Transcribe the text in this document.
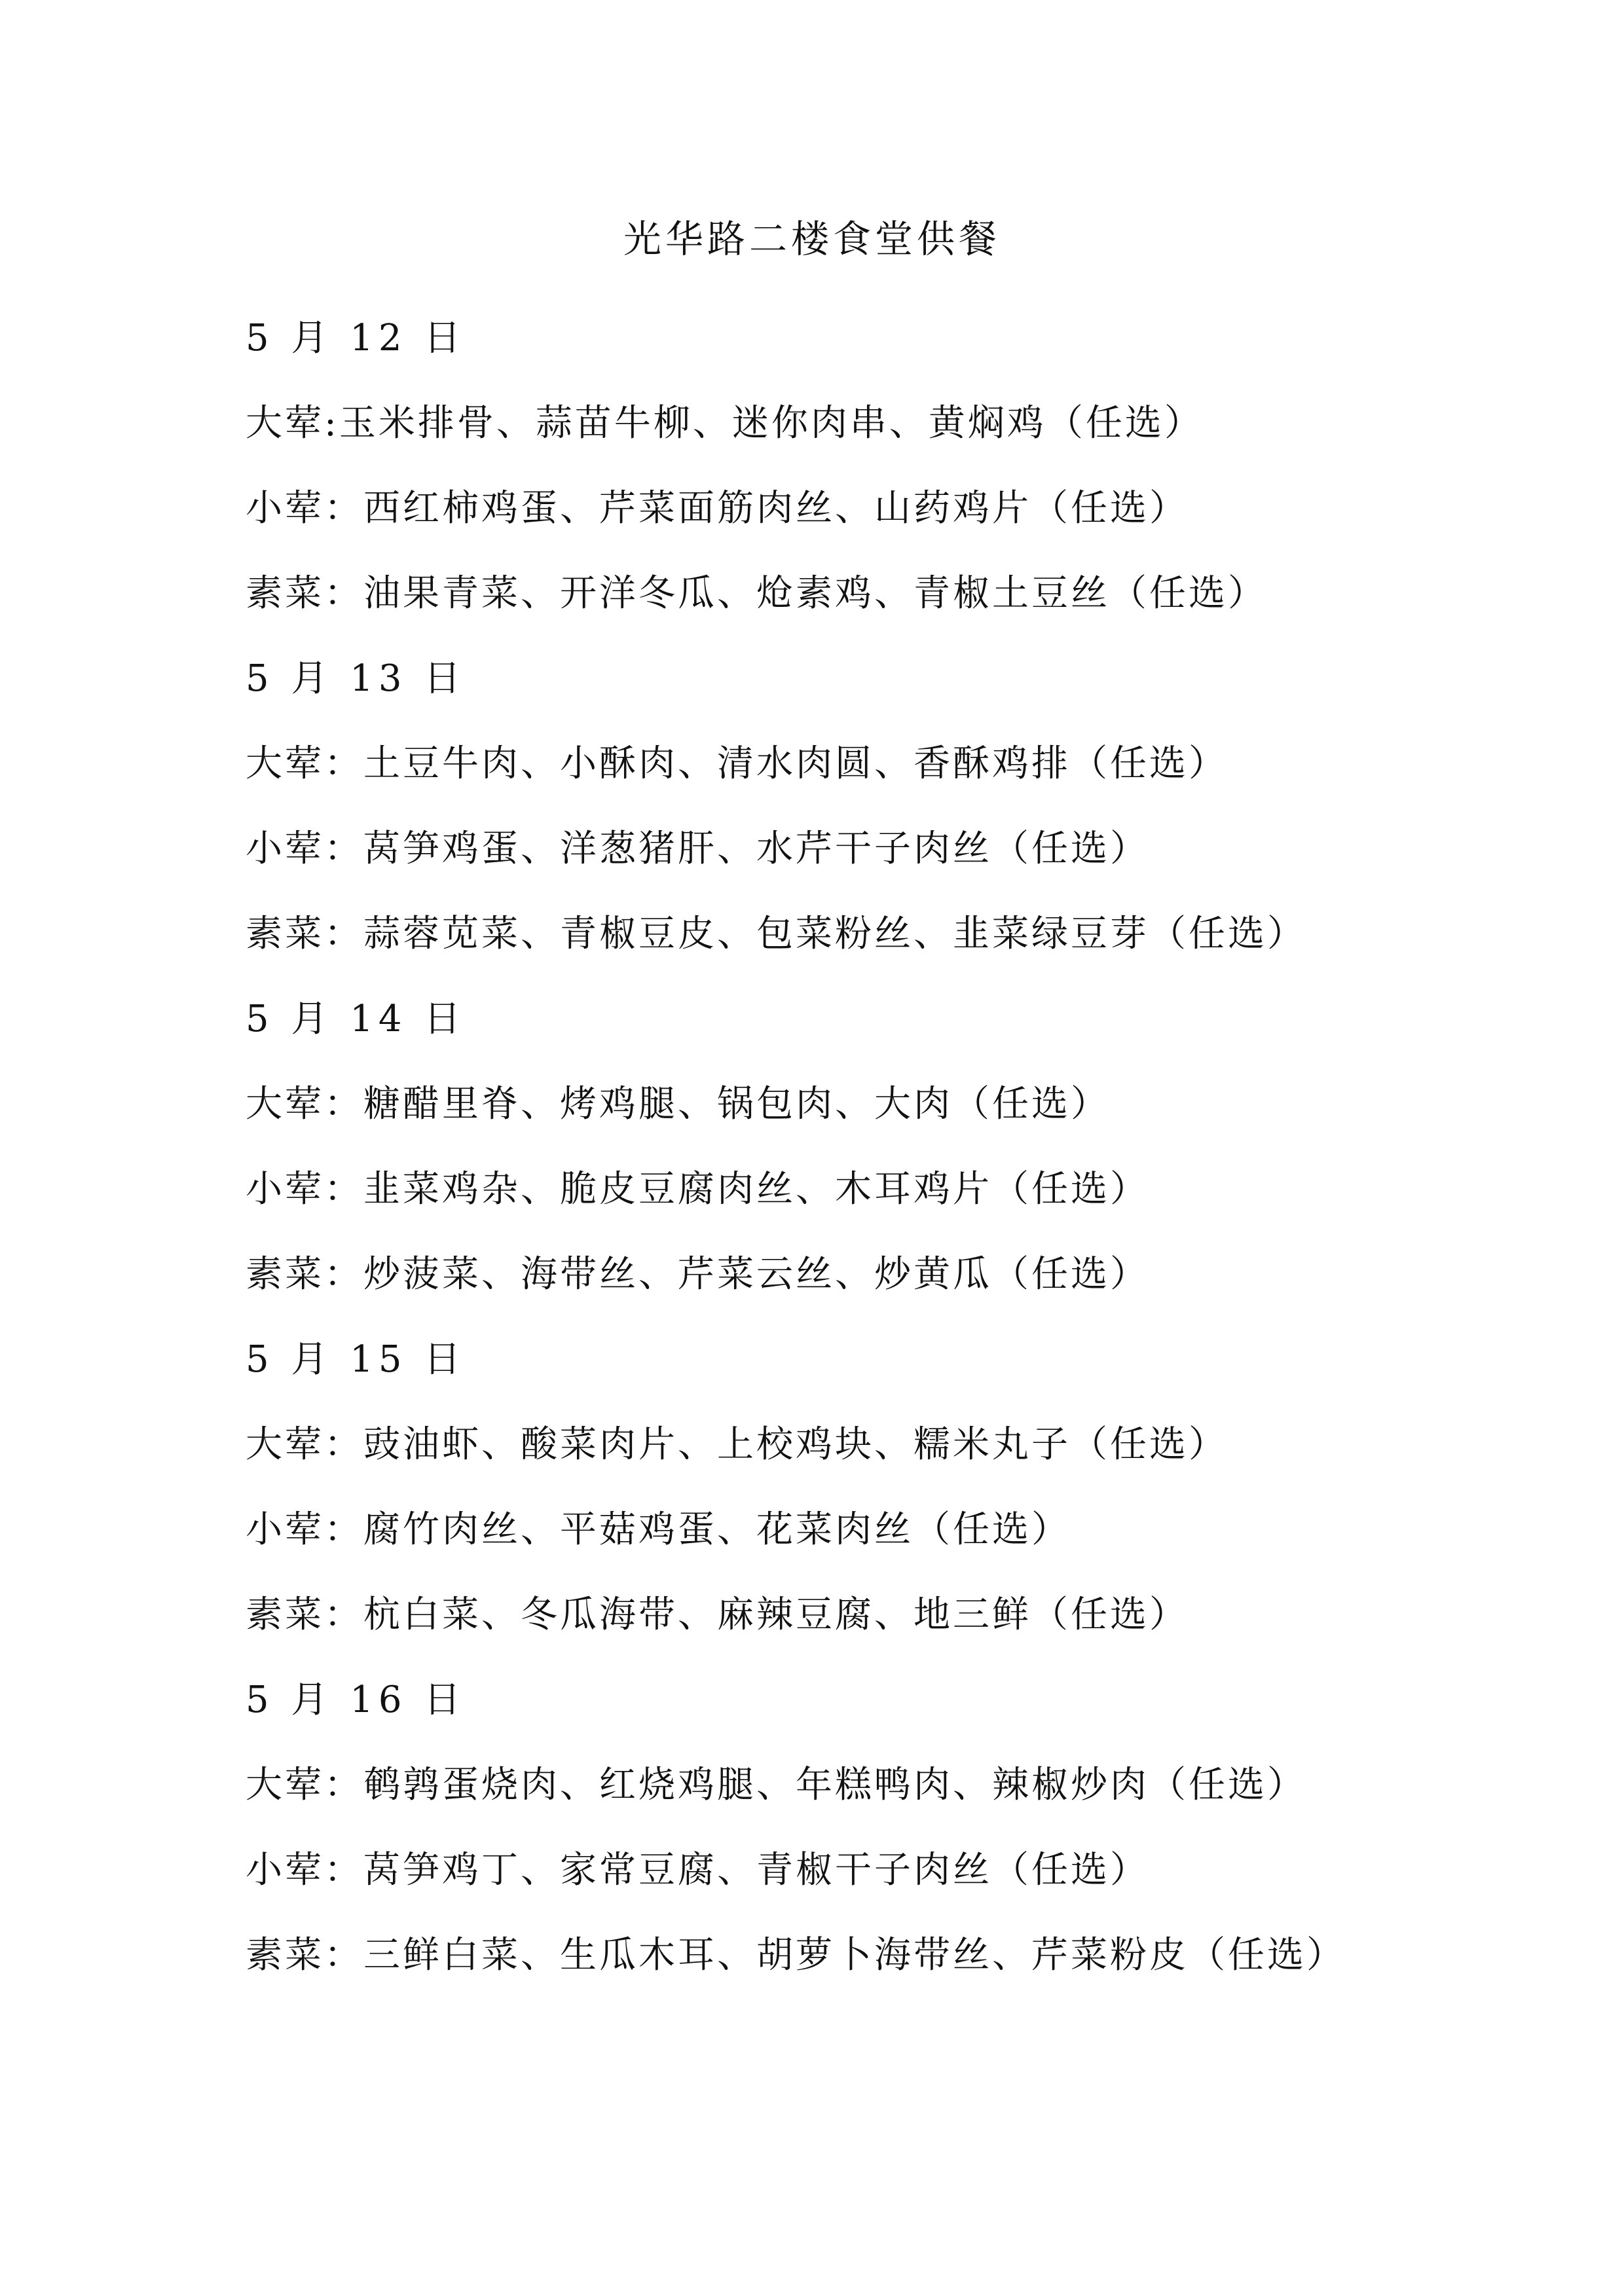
光华路二楼食堂供餐
5 月 12 日
大荤:玉米排骨、蒜苗牛柳、迷你肉串、黄焖鸡（任选）
小荤：西红柿鸡蛋、芹菜面筋肉丝、山药鸡片（任选）
素菜：油果青菜、开洋冬瓜、炝素鸡、青椒土豆丝（任选）
5 月 13 日
大荤：土豆牛肉、小酥肉、清水肉圆、香酥鸡排（任选）
小荤：莴笋鸡蛋、洋葱猪肝、水芹干子肉丝（任选）
素菜：蒜蓉苋菜、青椒豆皮、包菜粉丝、韭菜绿豆芽（任选）
5 月 14 日
大荤：糖醋里脊、烤鸡腿、锅包肉、大肉（任选）
小荤：韭菜鸡杂、脆皮豆腐肉丝、木耳鸡片（任选）
素菜：炒菠菜、海带丝、芹菜云丝、炒黄瓜（任选）
5 月 15 日
大荤：豉油虾、酸菜肉片、上校鸡块、糯米丸子（任选）
小荤：腐竹肉丝、平菇鸡蛋、花菜肉丝（任选）
素菜：杭白菜、冬瓜海带、麻辣豆腐、地三鲜（任选）
5 月 16 日
大荤：鹌鹑蛋烧肉、红烧鸡腿、年糕鸭肉、辣椒炒肉（任选）
小荤：莴笋鸡丁、家常豆腐、青椒干子肉丝（任选）
素菜：三鲜白菜、生瓜木耳、胡萝卜海带丝、芹菜粉皮（任选）
